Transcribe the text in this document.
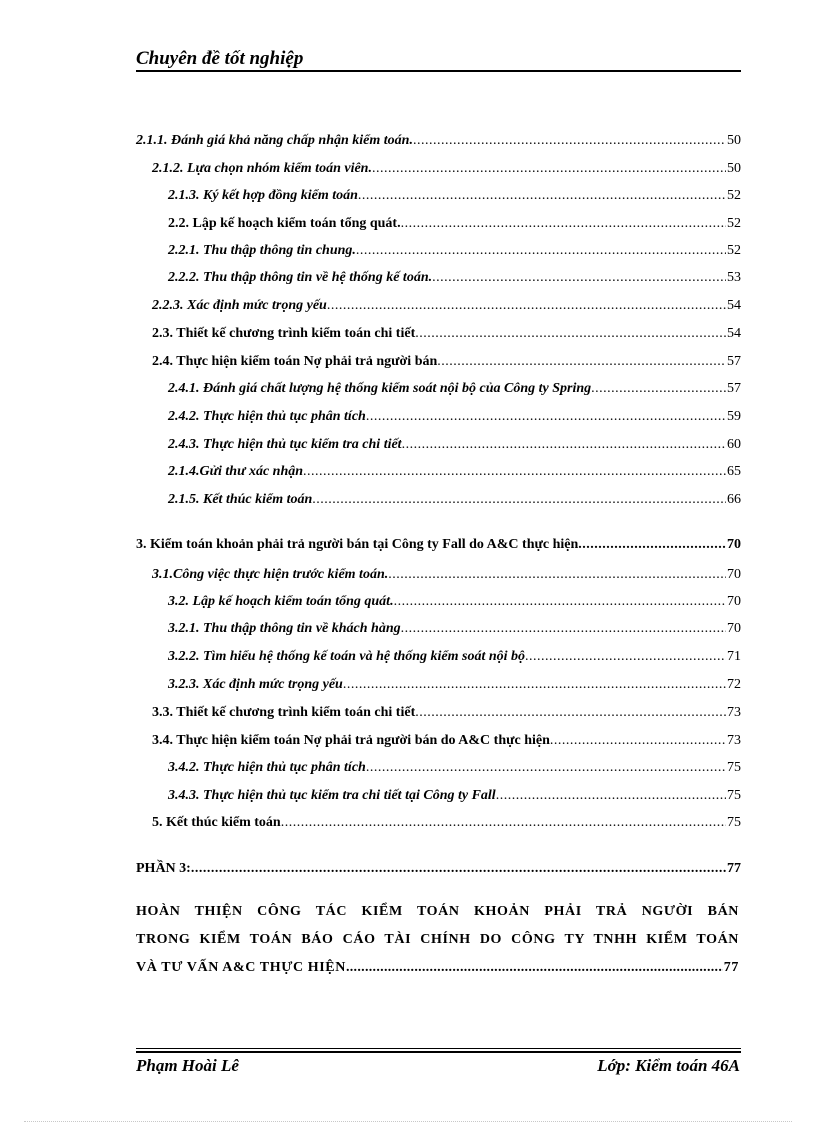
Chuyên đề tốt nghiệp
2.1.1. Đánh giá khả năng chấp nhận kiểm toán. .....	50
2.1.2. Lựa chọn nhóm kiểm toán viên. .....	50
2.1.3. Ký kết hợp đồng kiểm toán .....	52
2.2. Lập kế hoạch kiểm toán tổng quát. .....	52
2.2.1. Thu thập thông tin chung. .....	52
2.2.2. Thu thập thông tin về hệ thống kế toán. .....	53
2.2.3. Xác định mức trọng yếu .....	54
2.3. Thiết kế chương trình kiểm toán chi tiết .....	54
2.4. Thực hiện kiểm toán Nợ phải trả người bán .....	57
2.4.1. Đánh giá chất lượng hệ thống kiểm soát nội bộ của Công ty Spring .....	57
2.4.2. Thực hiện thủ tục phân tích .....	59
2.4.3. Thực hiện thủ tục kiểm tra chi tiết .....	60
2.1.4.Gửi thư xác nhận .....	65
2.1.5. Kết thúc kiểm toán .....	66
3. Kiểm toán khoản phải trả người bán tại Công ty Fall do A&C thực hiện .....	70
3.1.Công việc thực hiện trước kiểm toán. .....	70
3.2. Lập kế hoạch kiểm toán tổng quát. .....	70
3.2.1. Thu thập thông tin về khách hàng .....	70
3.2.2. Tìm hiểu hệ thống kế toán và hệ thống kiểm soát nội bộ .....	71
3.2.3. Xác định mức trọng yếu .....	72
3.3. Thiết kế chương trình kiểm toán chi tiết .....	73
3.4. Thực hiện kiểm toán Nợ phải trả người bán do A&C thực hiện .....	73
3.4.2. Thực hiện thủ tục phân tích .....	75
3.4.3. Thực hiện thủ tục kiểm tra chi tiết tại Công ty Fall .....	75
5. Kết thúc kiểm toán .....	75
PHẦN 3: .....	77
HOÀN THIỆN CÔNG TÁC KIỂM TOÁN KHOẢN PHẢI TRẢ NGƯỜI BÁN
TRONG KIỂM TOÁN BÁO CÁO TÀI CHÍNH DO CÔNG TY TNHH KIỂM TOÁN
VÀ TƯ VẤN A&C THỰC HIỆN .....	77
Phạm Hoài Lê	Lớp: Kiểm toán 46A
